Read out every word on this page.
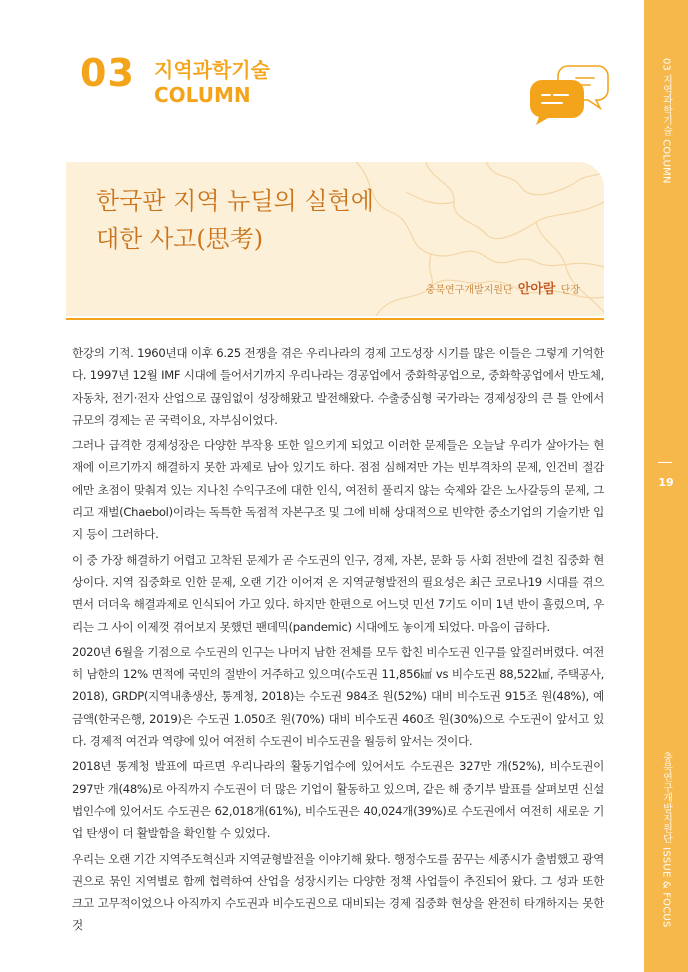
03 지역과학기술 COLUMN
19
충북연구개발지원단 ISSUE & FOCUS
03 지역과학기술
COLUMN
한국판 지역 뉴딜의 실현에
대한 사고(思考)
충북연구개발지원단 안아람 단장

한강의 기적. 1960년대 이후 6.25 전쟁을 겪은 우리나라의 경제 고도성장 시기를 많은 이들은 그렇게 기억한다. 1997년 12월 IMF 시대에 들어서기까지 우리나라는 경공업에서 중화학공업으로, 중화학공업에서 반도체, 자동차, 전기·전자 산업으로 끊임없이 성장해왔고 발전해왔다. 수출중심형 국가라는 경제성장의 큰 틀 안에서 규모의 경제는 곧 국력이요, 자부심이었다.

그러나 급격한 경제성장은 다양한 부작용 또한 일으키게 되었고 이러한 문제들은 오늘날 우리가 살아가는 현재에 이르기까지 해결하지 못한 과제로 남아 있기도 하다. 점점 심해져만 가는 빈부격차의 문제, 인건비 절감에만 초점이 맞춰져 있는 지나친 수익구조에 대한 인식, 여전히 풀리지 않는 숙제와 같은 노사갈등의 문제, 그리고 재벌(Chaebol)이라는 독특한 독점적 자본구조 및 그에 비해 상대적으로 빈약한 중소기업의 기술기반 입지 등이 그러하다.

이 중 가장 해결하기 어렵고 고착된 문제가 곧 수도권의 인구, 경제, 자본, 문화 등 사회 전반에 걸친 집중화 현상이다. 지역 집중화로 인한 문제, 오랜 기간 이어져 온 지역균형발전의 필요성은 최근 코로나19 시대를 겪으면서 더더욱 해결과제로 인식되어 가고 있다. 하지만 한편으로 어느덧 민선 7기도 이미 1년 반이 흘렀으며, 우리는 그 사이 이제껏 겪어보지 못했던 팬데믹(pandemic) 시대에도 놓이게 되었다. 마음이 급하다.

2020년 6월을 기점으로 수도권의 인구는 나머지 남한 전체를 모두 합친 비수도권 인구를 앞질러버렸다. 여전히 남한의 12% 면적에 국민의 절반이 거주하고 있으며(수도권 11,856㎢ vs 비수도권 88,522㎢, 주택공사, 2018), GRDP(지역내총생산, 통계청, 2018)는 수도권 984조 원(52%) 대비 비수도권 915조 원(48%), 예금액(한국은행, 2019)은 수도권 1.050조 원(70%) 대비 비수도권 460조 원(30%)으로 수도권이 앞서고 있다. 경제적 여건과 역량에 있어 여전히 수도권이 비수도권을 월등히 앞서는 것이다.

2018년 통계청 발표에 따르면 우리나라의 활동기업수에 있어서도 수도권은 327만 개(52%), 비수도권이 297만 개(48%)로 아직까지 수도권이 더 많은 기업이 활동하고 있으며, 같은 해 중기부 발표를 살펴보면 신설법인수에 있어서도 수도권은 62,018개(61%), 비수도권은 40,024개(39%)로 수도권에서 여전히 새로운 기업 탄생이 더 활발함을 확인할 수 있었다.

우리는 오랜 기간 지역주도혁신과 지역균형발전을 이야기해 왔다. 행정수도를 꿈꾸는 세종시가 출범했고 광역권으로 묶인 지역별로 함께 협력하여 산업을 성장시키는 다양한 정책 사업들이 추진되어 왔다. 그 성과 또한 크고 고무적이었으나 아직까지 수도권과 비수도권으로 대비되는 경제 집중화 현상을 완전히 타개하지는 못한 것
